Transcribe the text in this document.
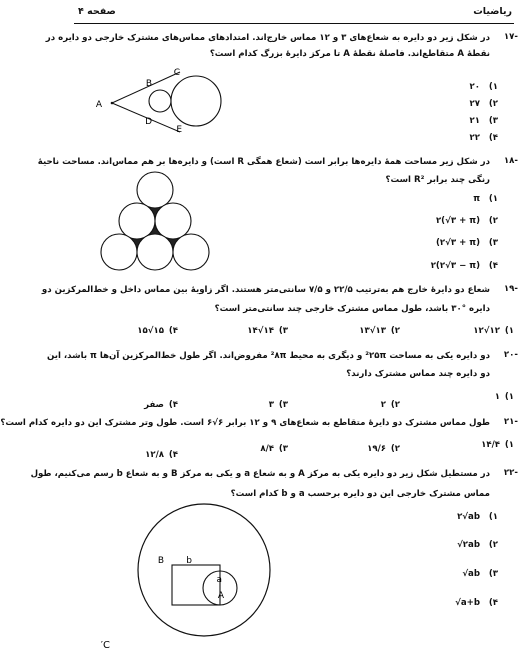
ریاضیات
صفحه ۴
-۱۷
در شکل زیر دو دایره به شعاع‌های ۳ و ۱۲ مماس خارج‌اند. امتدادهای مماس‌های مشترک خارجی دو دایره در
نقطهٔ A متقاطع‌اند. فاصلهٔ نقطهٔ A تا مرکز دایرهٔ بزرگ کدام است؟
A
B
C
D
E
۱)
۲۰
۲)
۲۷
۳)
۲۱
۴)
۲۲
-۱۸
در شکل زیر مساحت همهٔ دایره‌ها برابر است (شعاع همگی R است) و دایره‌ها بر هم مماس‌اند. مساحت ناحیهٔ
رنگی چند برابر R² است؟
۱)
π
۲)
۲(√۳ + π)
۳)
(۲√۳ + π)
۴)
۲(۲√۳ − π)
-۱۹
شعاع دو دایرهٔ خارج هم به‌ترتیب ۲۲/۵ و ۷/۵ سانتی‌متر هستند. اگر زاویهٔ بین مماس داخل و خط‌المرکزین دو
دایره °۳۰ باشد، طول مماس مشترک خارجی چند سانتی‌متر است؟
۱)
۱۲√۱۲
۲)
۱۳√۱۳
۳)
۱۴√۱۴
۴)
۱۵√۱۵
-۲۰
دو دایره یکی به مساحت ²۲۵π و دیگری به محیط ²۸π مفروض‌اند. اگر طول خط‌المرکزین آن‌ها π باشد، این
دو دایره چند مماس مشترک دارند؟
۱)
۱
۲)
۲
۳)
۳
۴)
صفر
-۲۱
طول مماس مشترک دو دایرهٔ متقاطع به شعاع‌های ۹ و ۱۲ برابر ۶√۶ است. طول وتر مشترک این دو دایره کدام است؟
۱)
۱۴/۴
۲)
۱۹/۶
۳)
۸/۴
۴)
۱۲/۸
-۲۲
در مستطیل شکل زیر دو دایره یکی به مرکز A و به شعاع a و یکی به مرکز B و به شعاع b رسم می‌کنیم، طول
مماس مشترک خارجی این دو دایره برحسب a و b کدام است؟
B b
a
A
C′
۱)
۲√ab
۲)
√۲ab
۳)
√ab
۴)
√a+b
